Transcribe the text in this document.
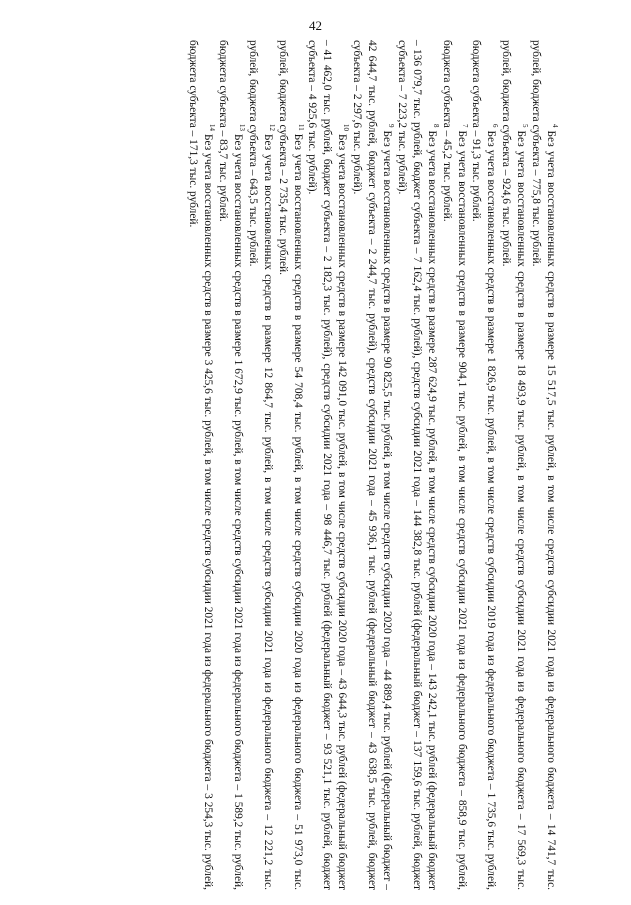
42

$^4$Без учета восстановленных средств в размере 15 517,5 тыс. рублей, в том числе средств субсидии 2021 года из федерального бюджета – 14 741,7 тыс. рублей, бюджета субъекта – 775,8 тыс. рублей.

$^5$Без учета восстановленных средств в размере 18 493,9 тыс. рублей, в том числе средств субсидии 2021 года из федерального бюджета – 17 569,3 тыс. рублей, бюджета субъекта – 924,6 тыс. рублей.

$^6$Без учета восстановленных средств в размере 1 826,9 тыс. рублей, в том числе средств субсидии 2019 года из федерального бюджета – 1 735,6 тыс. рублей, бюджета субъекта – 91,3 тыс. рублей.

$^7$Без учета восстановленных средств в размере 904,1 тыс. рублей, в том числе средств субсидии 2021 года из федерального бюджета – 858,9 тыс. рублей, бюджета субъекта – 45,2 тыс. рублей.

$^8$Без учета восстановленных средств в размере 287 624,9 тыс. рублей, в том числе средств субсидии 2020 года – 143 242,1 тыс. рублей (федеральный бюджет – 136 079,7 тыс. рублей, бюджет субъекта – 7 162,4 тыс. рублей), средств субсидии 2021 года – 144 382,8 тыс. рублей (федеральный бюджет – 137 159,6 тыс. рублей, бюджет субъекта – 7 223,2 тыс. рублей).

$^9$Без учета восстановленных средств в размере 90 825,5 тыс. рублей, в том числе средств субсидии 2020 года – 44 889,4 тыс. рублей (федеральный бюджет – 42 644,7 тыс. рублей, бюджет субъекта – 2 244,7 тыс. рублей), средств субсидии 2021 года – 45 936,1 тыс. рублей (федеральный бюджет – 43 638,5 тыс. рублей, бюджет субъекта – 2 297,6 тыс. рублей).

$^{10}$Без учета восстановленных средств в размере 142 091,0 тыс. рублей, в том числе средств субсидии 2020 года – 43 644,3 тыс. рублей (федеральный бюджет – 41 462,0 тыс. рублей, бюджет субъекта – 2 182,3 тыс. рублей), средств субсидии 2021 года – 98 446,7 тыс. рублей (федеральный бюджет – 93 521,1 тыс. рублей, бюджет субъекта – 4 925,6 тыс. рублей).

$^{11}$Без учета восстановленных средств в размере 54 708,4 тыс. рублей, в том числе средств субсидии 2020 года из федерального бюджета – 51 973,0 тыс. рублей, бюджета субъекта – 2 735,4 тыс. рублей.

$^{12}$Без учета восстановленных средств в размере 12 864,7 тыс. рублей, в том числе средств субсидии 2021 года из федерального бюджета – 12 221,2 тыс. рублей, бюджета субъекта – 643,5 тыс. рублей.

$^{13}$Без учета восстановленных средств в размере 1 672,9 тыс. рублей, в том числе средств субсидии 2021 года из федерального бюджета – 1 589,2 тыс. рублей, бюджета субъекта – 83,7 тыс. рублей.

$^{14}$Без учета восстановленных средств в размере 3 425,6 тыс. рублей, в том числе средств субсидии 2021 года из федерального бюджета – 3 254,3 тыс. рублей, бюджета субъекта – 171,3 тыс. рублей.
